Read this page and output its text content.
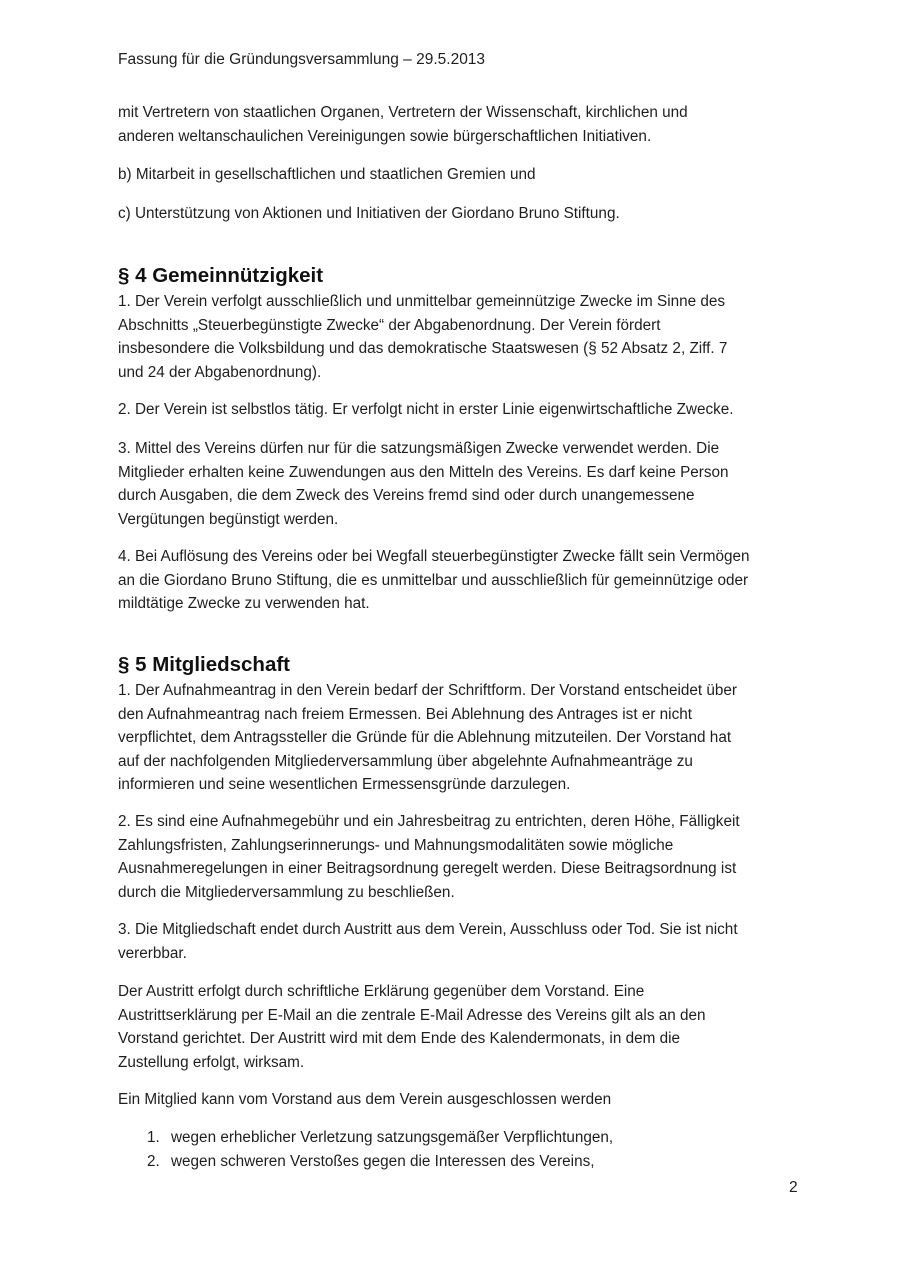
Fassung für die Gründungsversammlung – 29.5.2013
mit Vertretern von staatlichen Organen, Vertretern der Wissenschaft, kirchlichen und
anderen weltanschaulichen Vereinigungen sowie bürgerschaftlichen Initiativen.
b) Mitarbeit in gesellschaftlichen und staatlichen Gremien und
c) Unterstützung von Aktionen und Initiativen der Giordano Bruno Stiftung.
§ 4 Gemeinnützigkeit
1. Der Verein verfolgt ausschließlich und unmittelbar gemeinnützige Zwecke im Sinne des
Abschnitts „Steuerbegünstigte Zwecke“ der Abgabenordnung. Der Verein fördert
insbesondere die Volksbildung und das demokratische Staatswesen (§ 52 Absatz 2, Ziff. 7
und 24 der Abgabenordnung).
2. Der Verein ist selbstlos tätig. Er verfolgt nicht in erster Linie eigenwirtschaftliche Zwecke.
3. Mittel des Vereins dürfen nur für die satzungsmäßigen Zwecke verwendet werden. Die
Mitglieder erhalten keine Zuwendungen aus den Mitteln des Vereins. Es darf keine Person
durch Ausgaben, die dem Zweck des Vereins fremd sind oder durch unangemessene
Vergütungen begünstigt werden.
4. Bei Auflösung des Vereins oder bei Wegfall steuerbegünstigter Zwecke fällt sein Vermögen
an die Giordano Bruno Stiftung, die es unmittelbar und ausschließlich für gemeinnützige oder
mildtätige Zwecke zu verwenden hat.
§ 5 Mitgliedschaft
1. Der Aufnahmeantrag in den Verein bedarf der Schriftform. Der Vorstand entscheidet über
den Aufnahmeantrag nach freiem Ermessen. Bei Ablehnung des Antrages ist er nicht
verpflichtet, dem Antragssteller die Gründe für die Ablehnung mitzuteilen. Der Vorstand hat
auf der nachfolgenden Mitgliederversammlung über abgelehnte Aufnahmeanträge zu
informieren und seine wesentlichen Ermessensgründe darzulegen.
2. Es sind eine Aufnahmegebühr und ein Jahresbeitrag zu entrichten, deren Höhe, Fälligkeit
Zahlungsfristen, Zahlungserinnerungs- und Mahnungsmodalitäten sowie mögliche
Ausnahmeregelungen in einer Beitragsordnung geregelt werden. Diese Beitragsordnung ist
durch die Mitgliederversammlung zu beschließen.
3. Die Mitgliedschaft endet durch Austritt aus dem Verein, Ausschluss oder Tod. Sie ist nicht
vererbbar.
Der Austritt erfolgt durch schriftliche Erklärung gegenüber dem Vorstand. Eine
Austrittserklärung per E-Mail an die zentrale E-Mail Adresse des Vereins gilt als an den
Vorstand gerichtet. Der Austritt wird mit dem Ende des Kalendermonats, in dem die
Zustellung erfolgt, wirksam.
Ein Mitglied kann vom Vorstand aus dem Verein ausgeschlossen werden
1. wegen erheblicher Verletzung satzungsgemäßer Verpflichtungen,
2. wegen schweren Verstoßes gegen die Interessen des Vereins,
2
